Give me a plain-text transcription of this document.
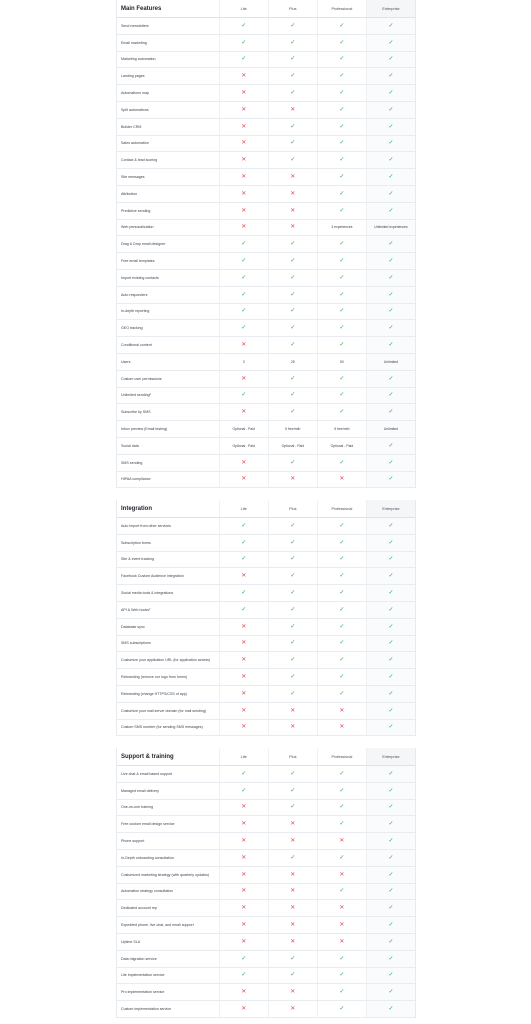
Main Features	Lite	Plus	Professional	Enterprise
Send newsletters	✓	✓	✓	✓
Email marketing	✓	✓	✓	✓
Marketing automation	✓	✓	✓	✓
Landing pages	✕	✓	✓	✓
Automations map	✕	✓	✓	✓
Split automations	✕	✕	✓	✓
Builder CRM	✕	✓	✓	✓
Sales automation	✕	✓	✓	✓
Contact & lead scoring	✕	✓	✓	✓
Site messages	✕	✕	✓	✓
Attribution	✕	✕	✓	✓
Predictive sending	✕	✕	✓	✓
Web personalization	✕	✕	3 experiences	Unlimited experiences
Drag & Drop email designer	✓	✓	✓	✓
Free email templates	✓	✓	✓	✓
Import existing contacts	✓	✓	✓	✓
Auto responders	✓	✓	✓	✓
In-depth reporting	✓	✓	✓	✓
GEO tracking	✓	✓	✓	✓
Conditional content	✕	✓	✓	✓
Users	3	25	50	Unlimited
Custom user permissions	✕	✓	✓	✓
Unlimited sending²	✓	✓	✓	✓
Subscribe by SMS	✕	✓	✓	✓
Inbox preview (Email testing)	Optional - Paid	5 free/mth	5 free/mth	Unlimited
Social data	Optional - Paid	Optional - Paid	Optional - Paid	✓
SMS sending	✕	✓	✓	✓
HIPAA compliance	✕	✕	✕	✓
Integration	Lite	Plus	Professional	Enterprise
Auto import from other services	✓	✓	✓	✓
Subscription forms	✓	✓	✓	✓
Site & event tracking	✓	✓	✓	✓
Facebook Custom Audience integration	✕	✓	✓	✓
Social media tools & integrations	✓	✓	✓	✓
API & Web hooks²	✓	✓	✓	✓
Database sync	✕	✓	✓	✓
SMS subscriptions	✕	✓	✓	✓
Customize your application URL (for application access)	✕	✓	✓	✓
Rebranding (remove our logo from forms)	✕	✓	✓	✓
Rebranding (change HTTPS/CSS of app)	✕	✓	✓	✓
Customize your mail server domain (for mail sending)	✕	✕	✕	✓
Custom SMS number (for sending SMS messages)	✕	✕	✕	✓
Support & training	Lite	Plus	Professional	Enterprise
Live chat & email based support	✓	✓	✓	✓
Managed email delivery	✓	✓	✓	✓
One-on-one training	✕	✓	✓	✓
Free custom email design service	✕	✕	✓	✓
Phone support	✕	✕	✕	✓
In-Depth onboarding consultation	✕	✓	✓	✓
Customized marketing strategy (with quarterly updates)	✕	✕	✕	✓
Automation strategy consultation	✕	✕	✓	✓
Dedicated account rep	✕	✕	✕	✓
Expedited phone, live chat, and email support	✕	✕	✕	✓
Uptime SLA	✕	✕	✕	✓
Data migration service	✓	✓	✓	✓
Lite implementation service	✓	✓	✓	✓
Pro implementation service	✕	✕	✓	✓
Custom implementation service	✕	✕	✓	✓
